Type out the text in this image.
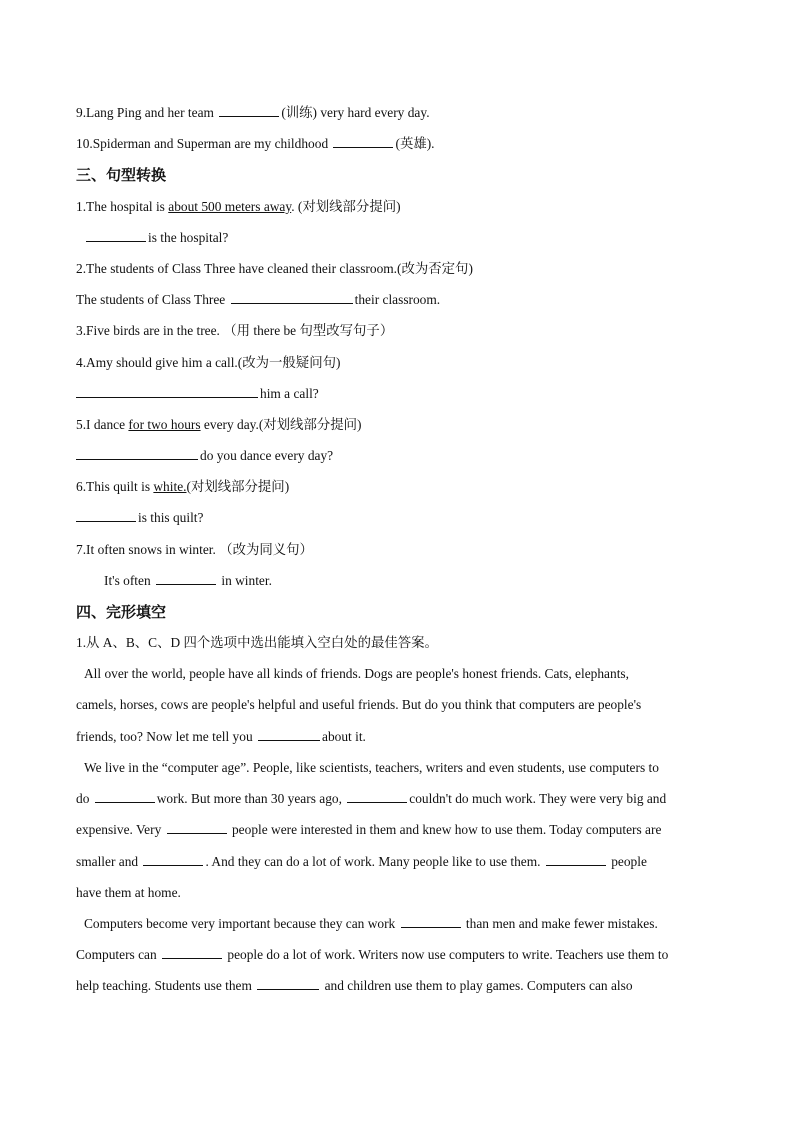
9.Lang Ping and her team	(训练) very hard every day.
10.Spiderman and Superman are my childhood	(英雄).
三、句型转换
1.The hospital is about 500 meters away. (对划线部分提问)
is the hospital?
2.The students of Class Three have cleaned their classroom.(改为否定句)
The students of Class Three	their classroom.
3.Five birds are in the tree. （用 there be 句型改写句子）
4.Amy should give him a call.(改为一般疑问句)
him a call?
5.I dance for two hours every day.(对划线部分提问)
do you dance every day?
6.This quilt is white.(对划线部分提问)
is this quilt?
7.It often snows in winter. （改为同义句）
It's often	in winter.
四、完形填空
1.从 A、B、C、D 四个选项中选出能填入空白处的最佳答案。
All over the world, people have all kinds of friends. Dogs are people's honest friends. Cats, elephants,
camels, horses, cows are people's helpful and useful friends. But do you think that computers are people's
friends, too? Now let me tell you	about it.
We live in the “computer age”. People, like scientists, teachers, writers and even students, use computers to
do	work. But more than 30 years ago,	couldn't do much work. They were very big and
expensive. Very	people were interested in them and knew how to use them. Today computers are
smaller and	. And they can do a lot of work. Many people like to use them.	people
have them at home.
Computers become very important because they can work	than men and make fewer mistakes.
Computers can	people do a lot of work. Writers now use computers to write. Teachers use them to
help teaching. Students use them	and children use them to play games. Computers can also
